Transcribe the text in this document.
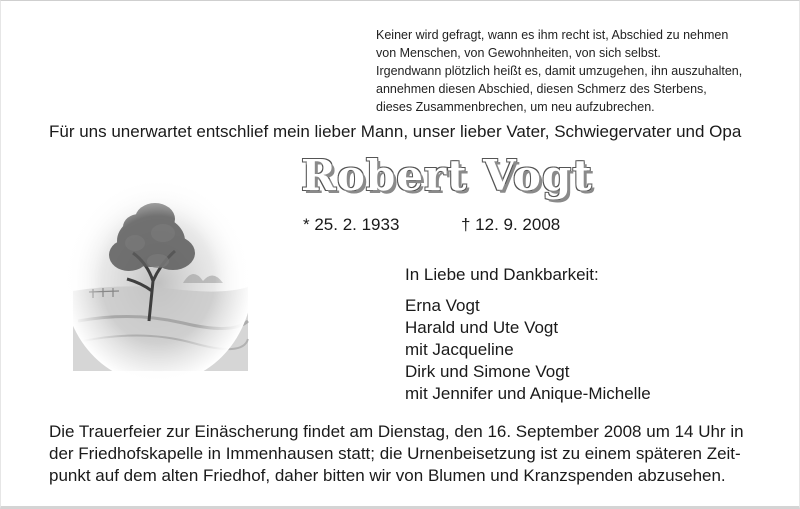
Keiner wird gefragt, wann es ihm recht ist, Abschied zu nehmen
von Menschen, von Gewohnheiten, von sich selbst.
Irgendwann plötzlich heißt es, damit umzugehen, ihn auszuhalten,
annehmen diesen Abschied, diesen Schmerz des Sterbens,
dieses Zusammenbrechen, um neu aufzubrechen.
Für uns unerwartet entschlief mein lieber Mann, unser lieber Vater, Schwiegervater und Opa
Robert Vogt
* 25. 2. 1933	† 12. 9. 2008
In Liebe und Dankbarkeit:
Erna Vogt
Harald und Ute Vogt
mit Jacqueline
Dirk und Simone Vogt
mit Jennifer und Anique-Michelle
Die Trauerfeier zur Einäscherung findet am Dienstag, den 16. September 2008 um 14 Uhr in
der Friedhofskapelle in Immenhausen statt; die Urnenbeisetzung ist zu einem späteren Zeit-
punkt auf dem alten Friedhof, daher bitten wir von Blumen und Kranzspenden abzusehen.
